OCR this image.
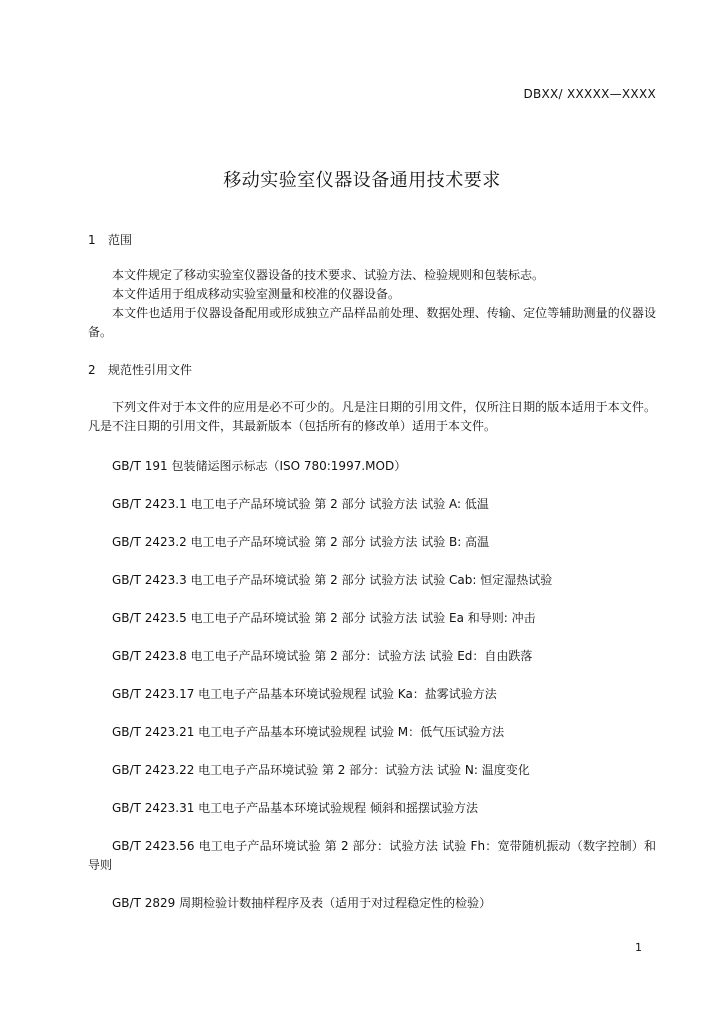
DBXX/ XXXXX—XXXX
移动实验室仪器设备通用技术要求
1 范围
本文件规定了移动实验室仪器设备的技术要求、试验方法、检验规则和包装标志。
本文件适用于组成移动实验室测量和校准的仪器设备。
本文件也适用于仪器设备配用或形成独立产品样品前处理、数据处理、传输、定位等辅助测量的仪器设备。
2 规范性引用文件
下列文件对于本文件的应用是必不可少的。凡是注日期的引用文件，仅所注日期的版本适用于本文件。凡是不注日期的引用文件，其最新版本（包括所有的修改单）适用于本文件。
GB/T 191 包装储运图示标志（ISO 780:1997.MOD）
GB/T 2423.1 电工电子产品环境试验 第 2 部分 试验方法 试验 A: 低温
GB/T 2423.2 电工电子产品环境试验 第 2 部分 试验方法 试验 B: 高温
GB/T 2423.3 电工电子产品环境试验 第 2 部分 试验方法 试验 Cab: 恒定湿热试验
GB/T 2423.5 电工电子产品环境试验 第 2 部分 试验方法 试验 Ea 和导则: 冲击
GB/T 2423.8 电工电子产品环境试验 第 2 部分：试验方法 试验 Ed：自由跌落
GB/T 2423.17 电工电子产品基本环境试验规程 试验 Ka：盐雾试验方法
GB/T 2423.21 电工电子产品基本环境试验规程 试验 M：低气压试验方法
GB/T 2423.22 电工电子产品环境试验 第 2 部分：试验方法 试验 N: 温度变化
GB/T 2423.31 电工电子产品基本环境试验规程 倾斜和摇摆试验方法
GB/T 2423.56 电工电子产品环境试验 第 2 部分：试验方法 试验 Fh：宽带随机振动（数字控制）和导则
GB/T 2829 周期检验计数抽样程序及表（适用于对过程稳定性的检验）
1
